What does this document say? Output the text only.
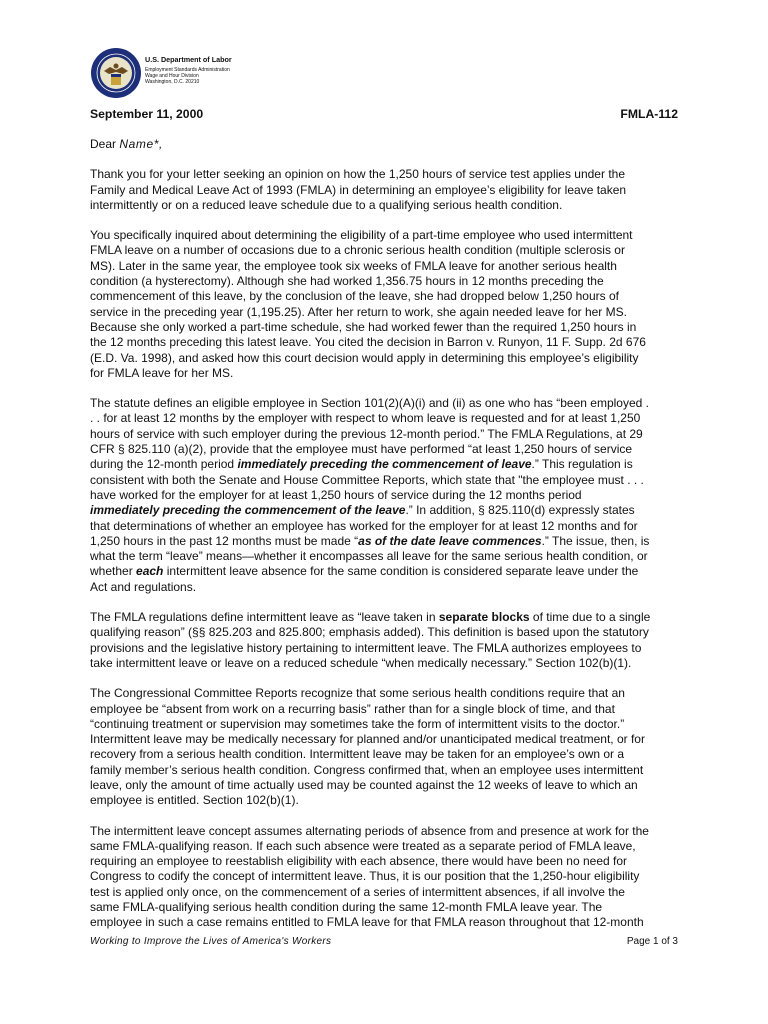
U.S. Department of Labor
Employment Standards Administration
Wage and Hour Division
Washington, D.C. 20210
September 11, 2000	FMLA-112

Dear Name*,

Thank you for your letter seeking an opinion on how the 1,250 hours of service test applies under the
Family and Medical Leave Act of 1993 (FMLA) in determining an employee’s eligibility for leave taken
intermittently or on a reduced leave schedule due to a qualifying serious health condition.

You specifically inquired about determining the eligibility of a part-time employee who used intermittent
FMLA leave on a number of occasions due to a chronic serious health condition (multiple sclerosis or
MS). Later in the same year, the employee took six weeks of FMLA leave for another serious health
condition (a hysterectomy). Although she had worked 1,356.75 hours in 12 months preceding the
commencement of this leave, by the conclusion of the leave, she had dropped below 1,250 hours of
service in the preceding year (1,195.25). After her return to work, she again needed leave for her MS.
Because she only worked a part-time schedule, she had worked fewer than the required 1,250 hours in
the 12 months preceding this latest leave. You cited the decision in Barron v. Runyon, 11 F. Supp. 2d 676
(E.D. Va. 1998), and asked how this court decision would apply in determining this employee’s eligibility
for FMLA leave for her MS.

The statute defines an eligible employee in Section 101(2)(A)(i) and (ii) as one who has “been employed .
. . for at least 12 months by the employer with respect to whom leave is requested and for at least 1,250
hours of service with such employer during the previous 12-month period.” The FMLA Regulations, at 29
CFR § 825.110 (a)(2), provide that the employee must have performed “at least 1,250 hours of service
during the 12-month period immediately preceding the commencement of leave.” This regulation is
consistent with both the Senate and House Committee Reports, which state that "the employee must . . .
have worked for the employer for at least 1,250 hours of service during the 12 months period
immediately preceding the commencement of the leave.” In addition, § 825.110(d) expressly states
that determinations of whether an employee has worked for the employer for at least 12 months and for
1,250 hours in the past 12 months must be made “as of the date leave commences.” The issue, then, is
what the term “leave” means—whether it encompasses all leave for the same serious health condition, or
whether each intermittent leave absence for the same condition is considered separate leave under the
Act and regulations.

The FMLA regulations define intermittent leave as “leave taken in separate blocks of time due to a single
qualifying reason” (§§ 825.203 and 825.800; emphasis added). This definition is based upon the statutory
provisions and the legislative history pertaining to intermittent leave. The FMLA authorizes employees to
take intermittent leave or leave on a reduced schedule “when medically necessary.” Section 102(b)(1).

The Congressional Committee Reports recognize that some serious health conditions require that an
employee be “absent from work on a recurring basis” rather than for a single block of time, and that
“continuing treatment or supervision may sometimes take the form of intermittent visits to the doctor.”
Intermittent leave may be medically necessary for planned and/or unanticipated medical treatment, or for
recovery from a serious health condition. Intermittent leave may be taken for an employee’s own or a
family member’s serious health condition. Congress confirmed that, when an employee uses intermittent
leave, only the amount of time actually used may be counted against the 12 weeks of leave to which an
employee is entitled. Section 102(b)(1).

The intermittent leave concept assumes alternating periods of absence from and presence at work for the
same FMLA-qualifying reason. If each such absence were treated as a separate period of FMLA leave,
requiring an employee to reestablish eligibility with each absence, there would have been no need for
Congress to codify the concept of intermittent leave. Thus, it is our position that the 1,250-hour eligibility
test is applied only once, on the commencement of a series of intermittent absences, if all involve the
same FMLA-qualifying serious health condition during the same 12-month FMLA leave year. The
employee in such a case remains entitled to FMLA leave for that FMLA reason throughout that 12-month

Working to Improve the Lives of America's Workers	Page 1 of 3
